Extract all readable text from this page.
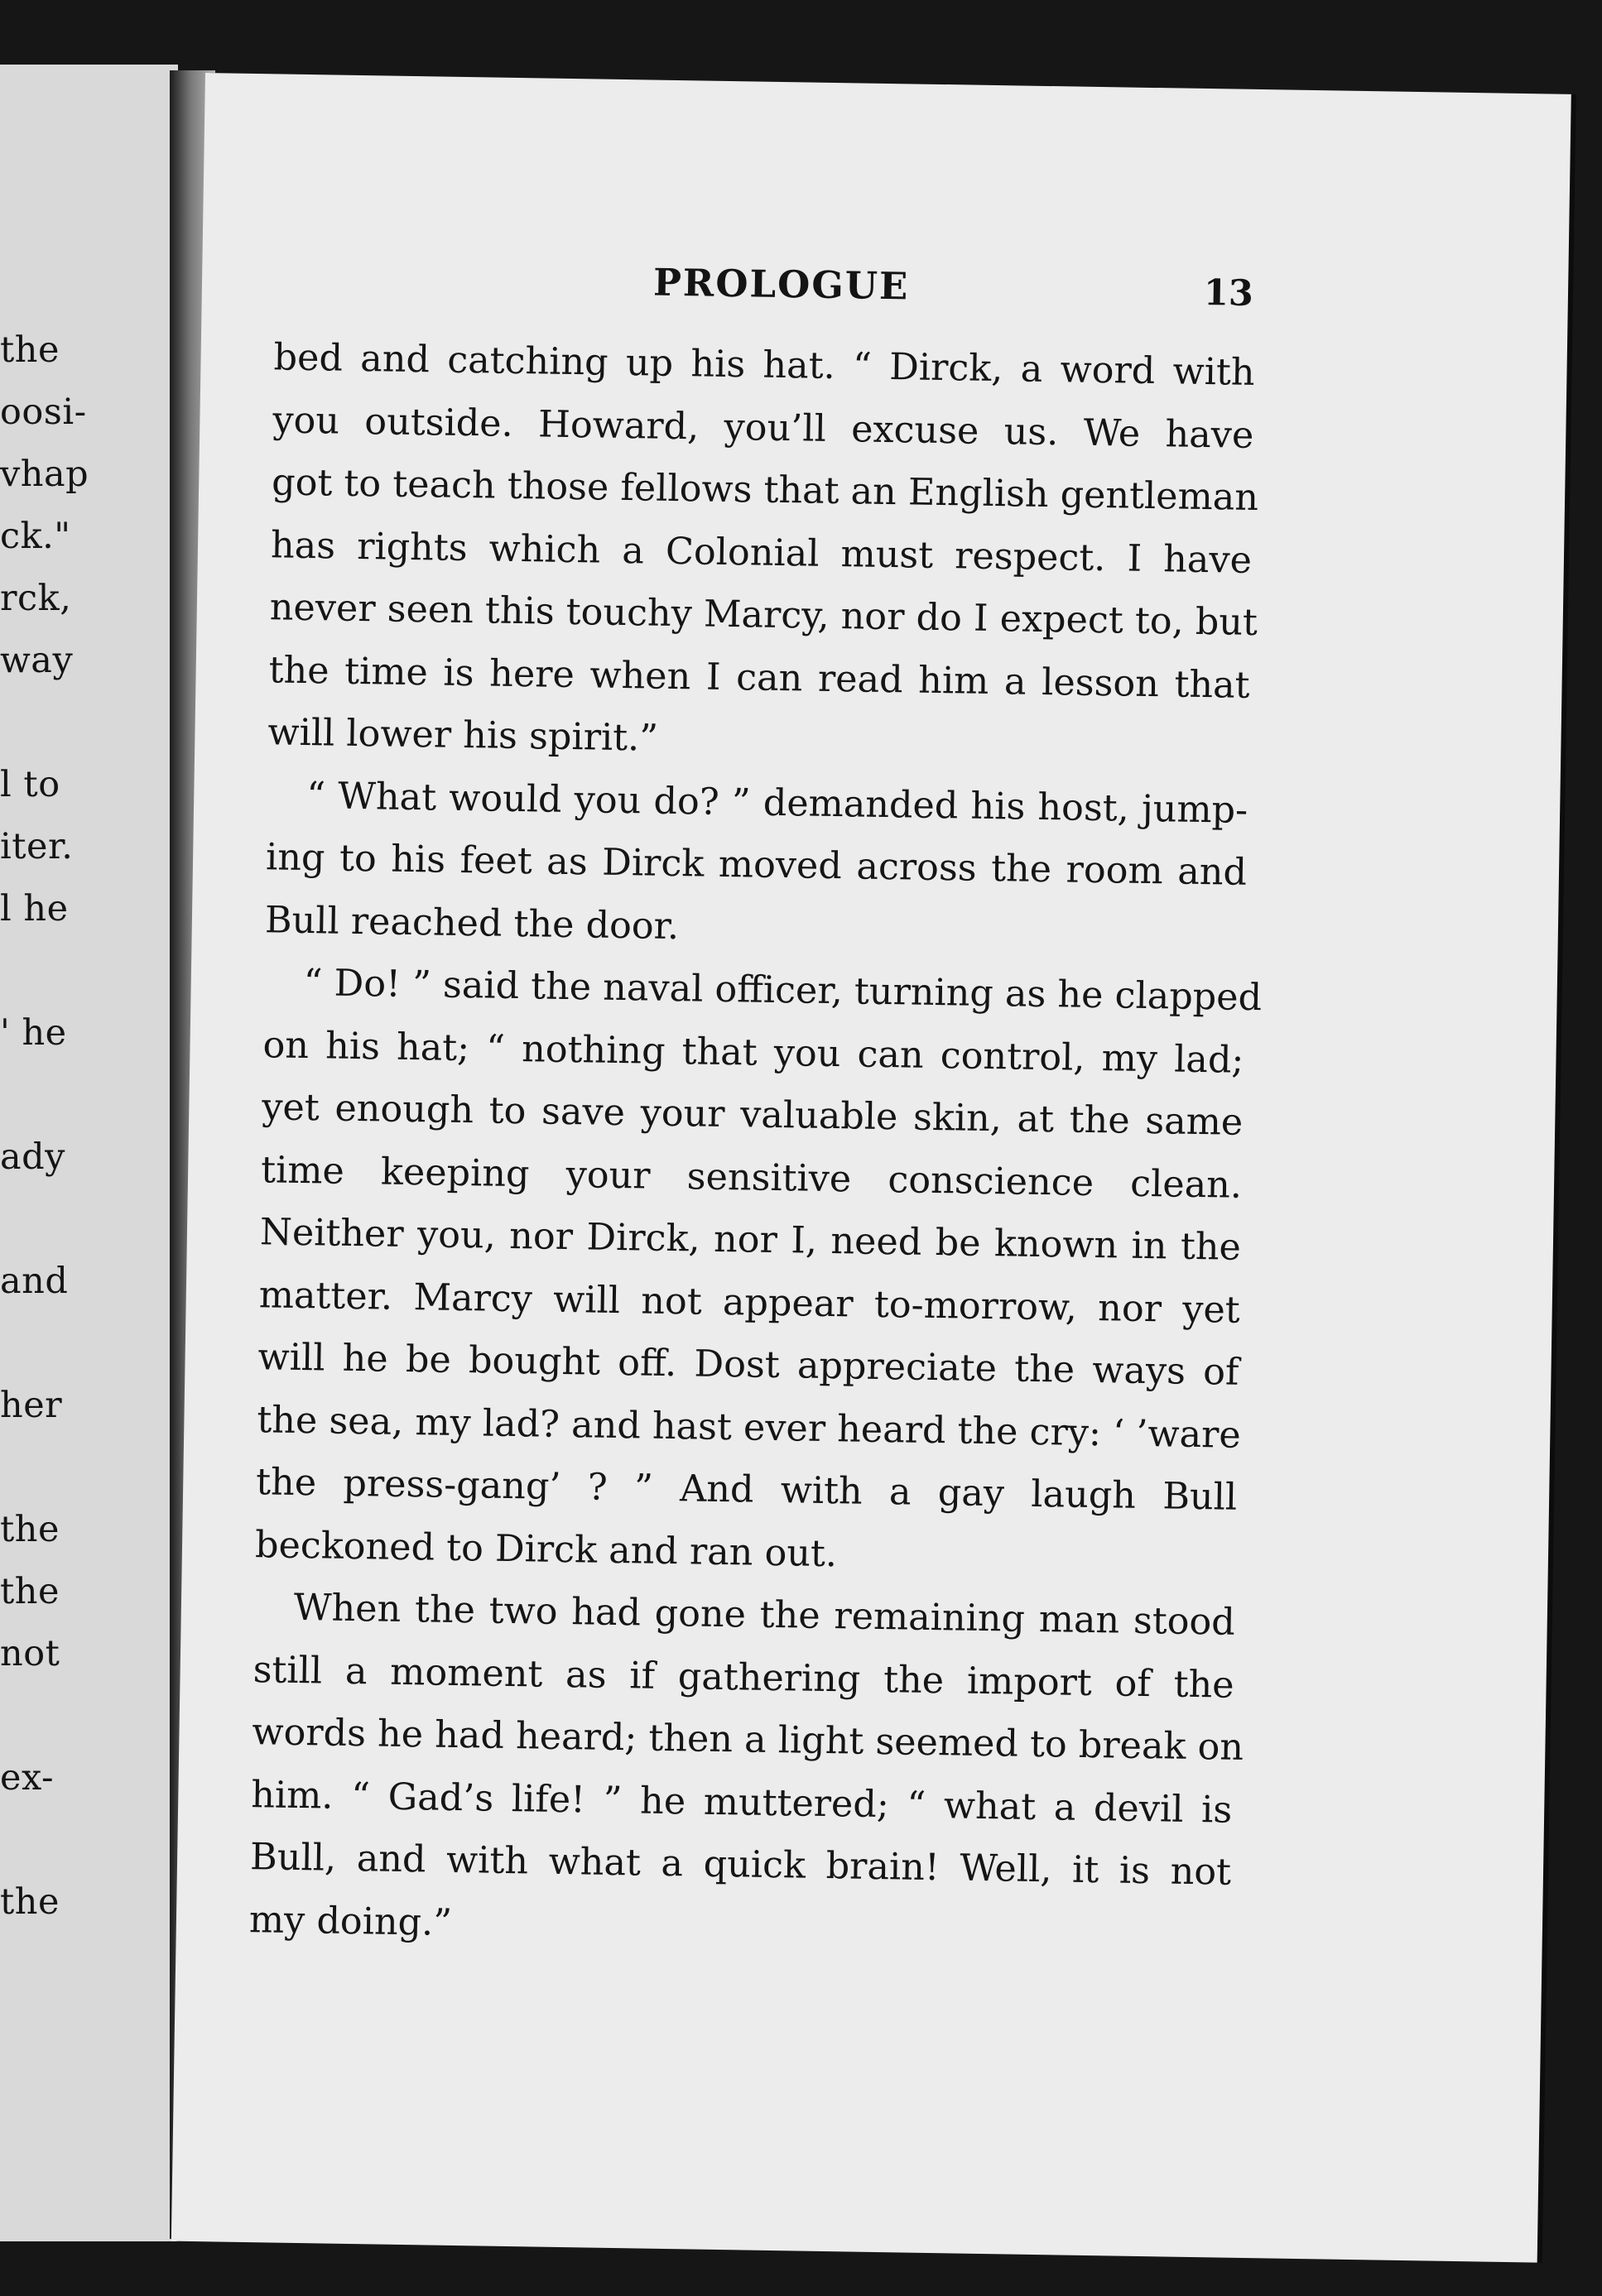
the
oosi-
vhap
ck."
rck,
way
l to
iter.
l he
' he
ady
and
her
the
the
not
ex-
the
PROLOGUE	13
bed and catching up his hat. “ Dirck, a word with
you outside. Howard, you’ll excuse us. We have
got to teach those fellows that an English gentleman
has rights which a Colonial must respect. I have
never seen this touchy Marcy, nor do I expect to, but
the time is here when I can read him a lesson that
will lower his spirit.”
“ What would you do? ” demanded his host, jump-
ing to his feet as Dirck moved across the room and
Bull reached the door.
“ Do! ” said the naval officer, turning as he clapped
on his hat; “ nothing that you can control, my lad;
yet enough to save your valuable skin, at the same
time keeping your sensitive conscience clean.
Neither you, nor Dirck, nor I, need be known in the
matter. Marcy will not appear to-morrow, nor yet
will he be bought off. Dost appreciate the ways of
the sea, my lad? and hast ever heard the cry: ‘ ’ware
the press-gang’ ? ” And with a gay laugh Bull
beckoned to Dirck and ran out.
When the two had gone the remaining man stood
still a moment as if gathering the import of the
words he had heard; then a light seemed to break on
him. “ Gad’s life! ” he muttered; “ what a devil is
Bull, and with what a quick brain! Well, it is not
my doing.”
